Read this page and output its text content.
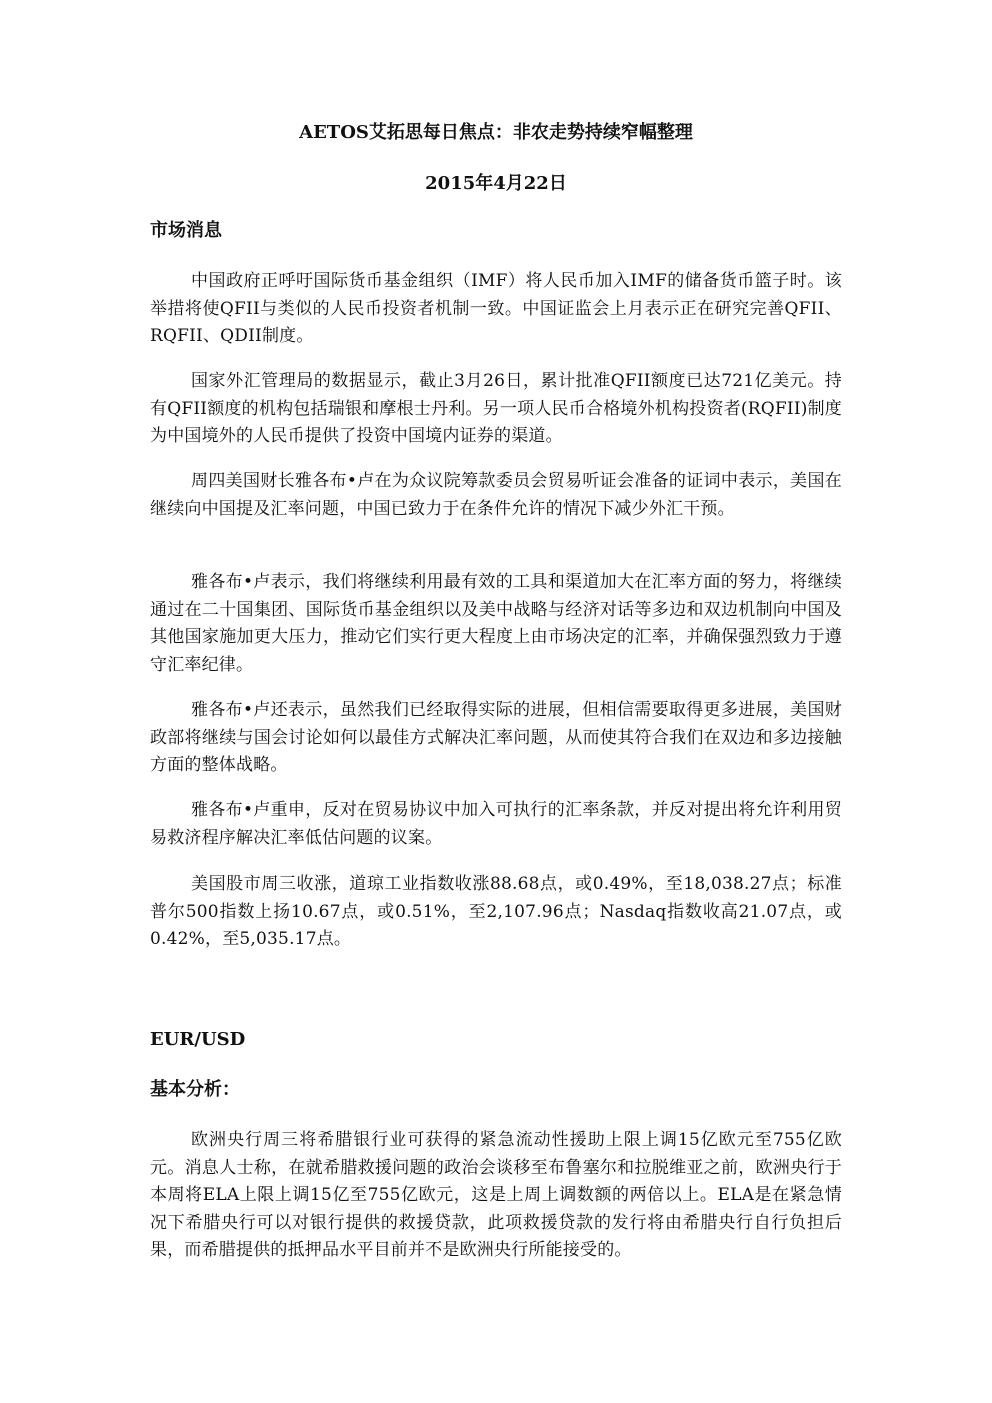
AETOS艾拓思每日焦点：非农走势持续窄幅整理
2015年4月22日
市场消息

中国政府正呼吁国际货币基金组织（IMF）将人民币加入IMF的储备货币篮子时。该举措将使QFII与类似的人民币投资者机制一致。中国证监会上月表示正在研究完善QFII、RQFII、QDII制度。

国家外汇管理局的数据显示，截止3月26日，累计批准QFII额度已达721亿美元。持有QFII额度的机构包括瑞银和摩根士丹利。另一项人民币合格境外机构投资者(RQFII)制度为中国境外的人民币提供了投资中国境内证券的渠道。

周四美国财长雅各布•卢在为众议院筹款委员会贸易听证会准备的证词中表示，美国在继续向中国提及汇率问题，中国已致力于在条件允许的情况下减少外汇干预。

雅各布•卢表示，我们将继续利用最有效的工具和渠道加大在汇率方面的努力，将继续通过在二十国集团、国际货币基金组织以及美中战略与经济对话等多边和双边机制向中国及其他国家施加更大压力，推动它们实行更大程度上由市场决定的汇率，并确保强烈致力于遵守汇率纪律。

雅各布•卢还表示，虽然我们已经取得实际的进展，但相信需要取得更多进展，美国财政部将继续与国会讨论如何以最佳方式解决汇率问题，从而使其符合我们在双边和多边接触方面的整体战略。

雅各布•卢重申，反对在贸易协议中加入可执行的汇率条款，并反对提出将允许利用贸易救济程序解决汇率低估问题的议案。

美国股市周三收涨，道琼工业指数收涨88.68点，或0.49%，至18,038.27点；标准普尔500指数上扬10.67点，或0.51%，至2,107.96点；Nasdaq指数收高21.07点，或0.42%，至5,035.17点。

EUR/USD
基本分析：

欧洲央行周三将希腊银行业可获得的紧急流动性援助上限上调15亿欧元至755亿欧元。消息人士称，在就希腊救援问题的政治会谈移至布鲁塞尔和拉脱维亚之前，欧洲央行于本周将ELA上限上调15亿至755亿欧元，这是上周上调数额的两倍以上。ELA是在紧急情况下希腊央行可以对银行提供的救援贷款，此项救援贷款的发行将由希腊央行自行负担后果，而希腊提供的抵押品水平目前并不是欧洲央行所能接受的。
